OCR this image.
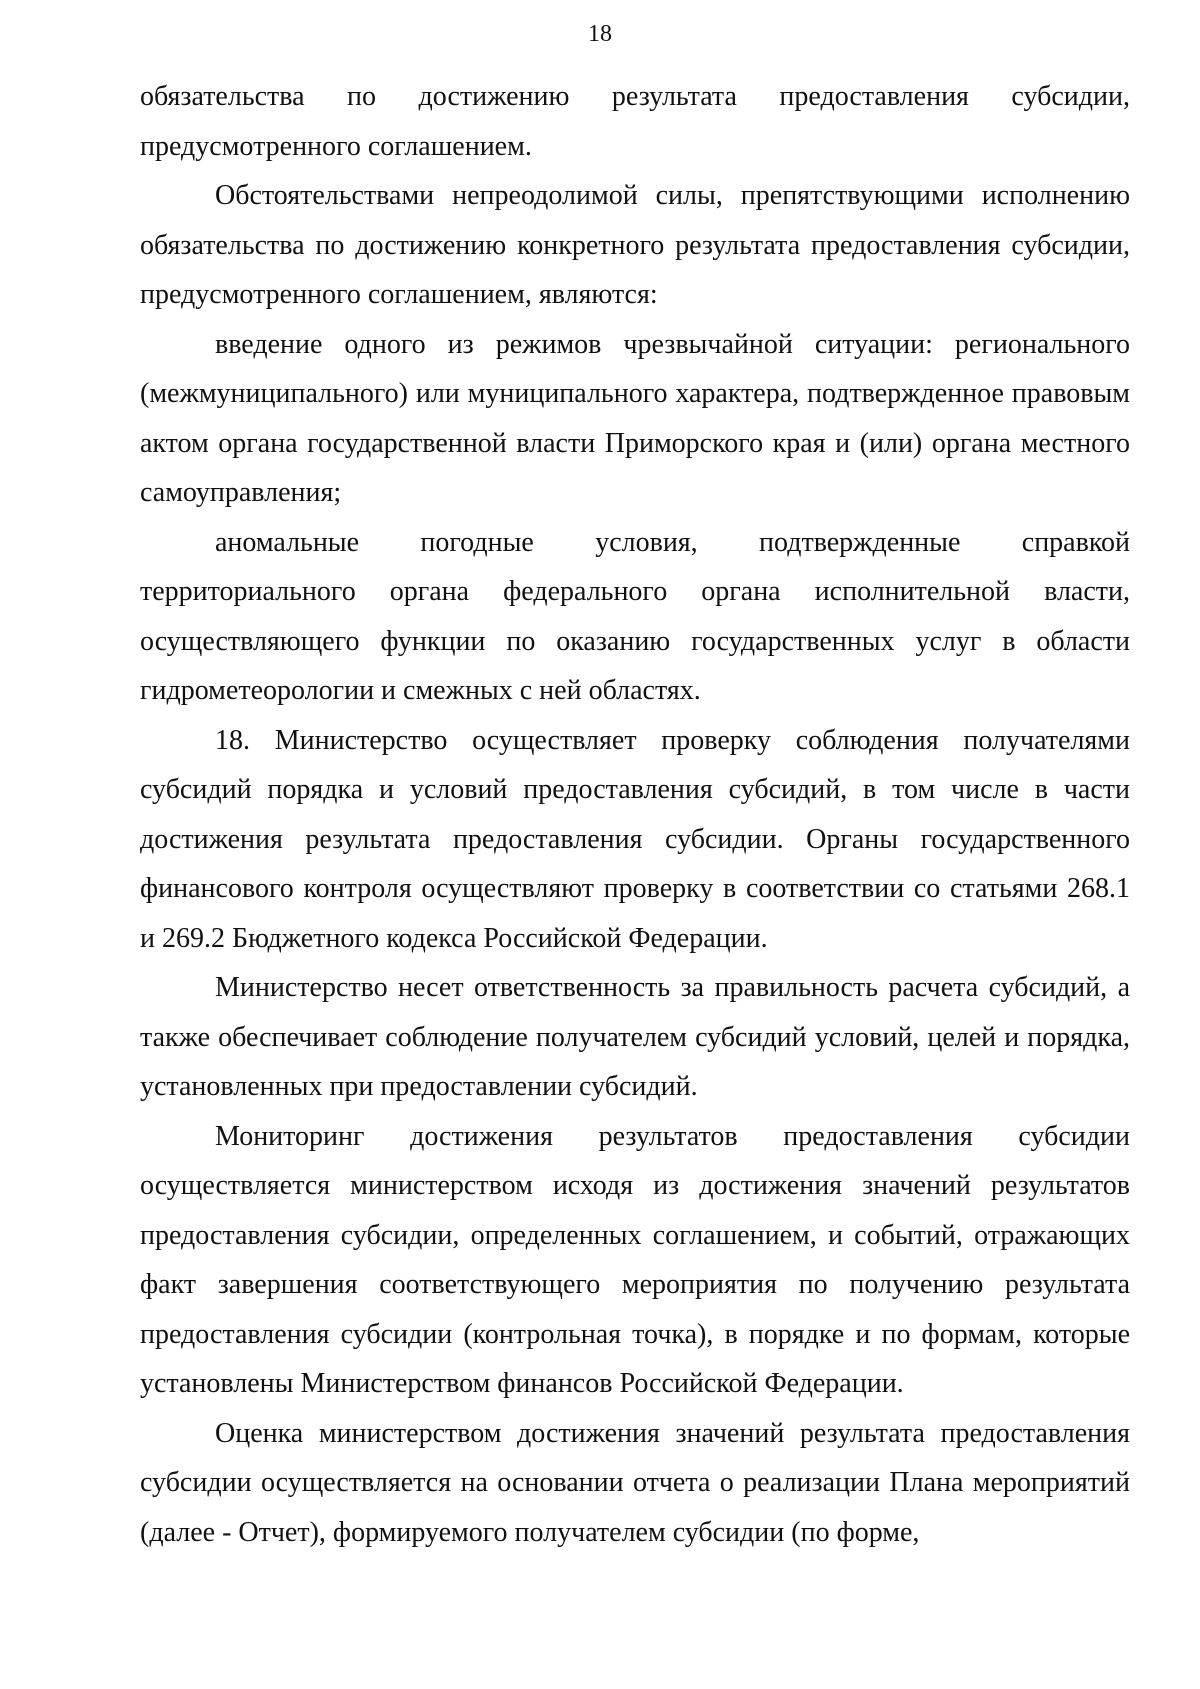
18

обязательства по достижению результата предоставления субсидии, предусмотренного соглашением.

Обстоятельствами непреодолимой силы, препятствующими исполнению обязательства по достижению конкретного результата предоставления субсидии, предусмотренного соглашением, являются:

введение одного из режимов чрезвычайной ситуации: регионального (межмуниципального) или муниципального характера, подтвержденное правовым актом органа государственной власти Приморского края и (или) органа местного самоуправления;

аномальные погодные условия, подтвержденные справкой территориального органа федерального органа исполнительной власти, осуществляющего функции по оказанию государственных услуг в области гидрометеорологии и смежных с ней областях.

18. Министерство осуществляет проверку соблюдения получателями субсидий порядка и условий предоставления субсидий, в том числе в части достижения результата предоставления субсидии. Органы государственного финансового контроля осуществляют проверку в соответствии со статьями 268.1 и 269.2 Бюджетного кодекса Российской Федерации.

Министерство несет ответственность за правильность расчета субсидий, а также обеспечивает соблюдение получателем субсидий условий, целей и порядка, установленных при предоставлении субсидий.

Мониторинг достижения результатов предоставления субсидии осуществляется министерством исходя из достижения значений результатов предоставления субсидии, определенных соглашением, и событий, отражающих факт завершения соответствующего мероприятия по получению результата предоставления субсидии (контрольная точка), в порядке и по формам, которые установлены Министерством финансов Российской Федерации.

Оценка министерством достижения значений результата предоставления субсидии осуществляется на основании отчета о реализации Плана мероприятий (далее - Отчет), формируемого получателем субсидии (по форме,
